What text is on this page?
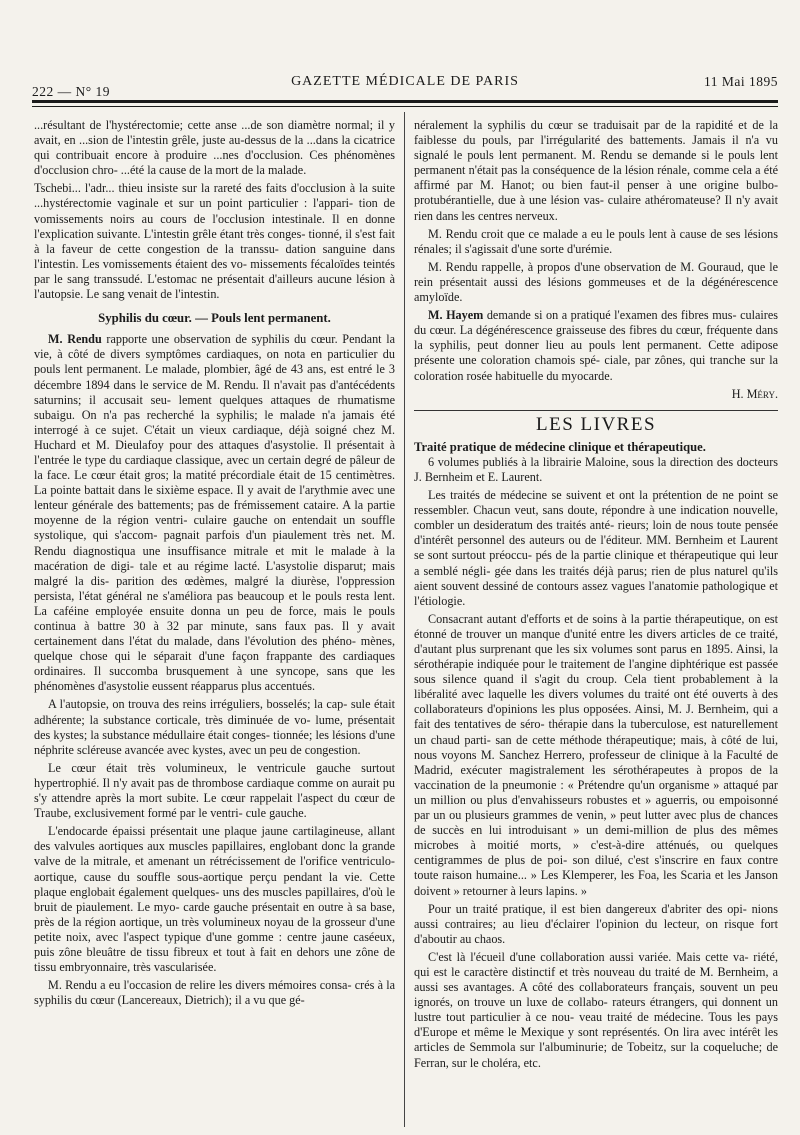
222 — N° 19
GAZETTE MÉDICALE DE PARIS	11 Mai 1895

...résultant de l'hystérectomie; cette anse ...de son diamètre normal; il y avait, en ...sion de l'intestin grêle, juste au-dessus de la ...dans la cicatrice qui contribuait encore à produire ...nes d'occlusion. Ces phénomènes d'occlusion chro- ...été la cause de la mort de la malade.

Tschebi... l'adr... thieu insiste sur la rareté des faits d'occlusion à la suite ...hystérectomie vaginale et sur un point particulier : l'appari- tion de vomissements noirs au cours de l'occlusion intestinale. Il en donne l'explication suivante. L'intestin grêle étant très conges- tionné, il s'est fait à la faveur de cette congestion de la transsu- dation sanguine dans l'intestin. Les vomissements étaient des vo- missements fécaloïdes teintés par le sang transsudé. L'estomac ne présentait d'ailleurs aucune lésion à l'autopsie. Le sang venait de l'intestin.

Syphilis du cœur. — Pouls lent permanent.

M. Rendu rapporte une observation de syphilis du cœur. Pendant la vie, à côté de divers symptômes cardiaques, on nota en particulier du pouls lent permanent. Le malade, plombier, âgé de 43 ans, est entré le 3 décembre 1894 dans le service de M. Rendu. Il n'avait pas d'antécédents saturnins; il accusait seu- lement quelques attaques de rhumatisme subaigu. On n'a pas recherché la syphilis; le malade n'a jamais été interrogé à ce sujet. C'était un vieux cardiaque, déjà soigné chez M. Huchard et M. Dieulafoy pour des attaques d'asystolie. Il présentait à l'entrée le type du cardiaque classique, avec un certain degré de pâleur de la face. Le cœur était gros; la matité précordiale était de 15 centimètres. La pointe battait dans le sixième espace. Il y avait de l'arythmie avec une lenteur générale des battements; pas de frémissement cataire. A la partie moyenne de la région ventri- culaire gauche on entendait un souffle systolique, qui s'accom- pagnait parfois d'un piaulement très net. M. Rendu diagnostiqua une insuffisance mitrale et mit le malade à la macération de digi- tale et au régime lacté. L'asystolie disparut; mais malgré la dis- parition des œdèmes, malgré la diurèse, l'oppression persista, l'état général ne s'améliora pas beaucoup et le pouls resta lent. La caféine employée ensuite donna un peu de force, mais le pouls continua à battre 30 à 32 par minute, sans faux pas. Il y avait certainement dans l'état du malade, dans l'évolution des phéno- mènes, quelque chose qui le séparait d'une façon frappante des cardiaques ordinaires. Il succomba brusquement à une syncope, sans que les phénomènes d'asystolie eussent réapparus plus accentués.

A l'autopsie, on trouva des reins irréguliers, bosselés; la cap- sule était adhérente; la substance corticale, très diminuée de vo- lume, présentait des kystes; la substance médullaire était conges- tionnée; les lésions d'une néphrite scléreuse avancée avec kystes, avec un peu de congestion.

Le cœur était très volumineux, le ventricule gauche surtout hypertrophié. Il n'y avait pas de thrombose cardiaque comme on aurait pu s'y attendre après la mort subite. Le cœur rappelait l'aspect du cœur de Traube, exclusivement formé par le ventri- cule gauche.

L'endocarde épaissi présentait une plaque jaune cartilagineuse, allant des valvules aortiques aux muscles papillaires, englobant donc la grande valve de la mitrale, et amenant un rétrécissement de l'orifice ventriculo-aortique, cause du souffle sous-aortique perçu pendant la vie. Cette plaque englobait également quelques- uns des muscles papillaires, d'où le bruit de piaulement. Le myo- carde gauche présentait en outre à sa base, près de la région aortique, un très volumineux noyau de la grosseur d'une petite noix, avec l'aspect typique d'une gomme : centre jaune caséeux, puis zône bleuâtre de tissu fibreux et tout à fait en dehors une zône de tissu embryonnaire, très vascularisée.

M. Rendu a eu l'occasion de relire les divers mémoires consa- crés à la syphilis du cœur (Lancereaux, Dietrich); il a vu que gé-

néralement la syphilis du cœur se traduisait par de la rapidité et de la faiblesse du pouls, par l'irrégularité des battements. Jamais il n'a vu signalé le pouls lent permanent. M. Rendu se demande si le pouls lent permanent n'était pas la conséquence de la lésion rénale, comme cela a été affirmé par M. Hanot; ou bien faut-il penser à une origine bulbo-protubérantielle, due à une lésion vas- culaire athéromateuse? Il n'y avait rien dans les centres nerveux.

M. Rendu croit que ce malade a eu le pouls lent à cause de ses lésions rénales; il s'agissait d'une sorte d'urémie.

M. Rendu rappelle, à propos d'une observation de M. Gouraud, que le rein présentait aussi des lésions gommeuses et de la dégénérescence amyloïde.

M. Hayem demande si on a pratiqué l'examen des fibres mus- culaires du cœur. La dégénérescence graisseuse des fibres du cœur, fréquente dans la syphilis, peut donner lieu au pouls lent permanent. Cette adipose présente une coloration chamois spé- ciale, par zônes, qui tranche sur la coloration rosée habituelle du myocarde.

H. Méry.
LES LIVRES
Traité pratique de médecine clinique et thérapeutique.

6 volumes publiés à la librairie Maloine, sous la direction des docteurs J. Bernheim et E. Laurent.

Les traités de médecine se suivent et ont la prétention de ne point se ressembler. Chacun veut, sans doute, répondre à une indication nouvelle, combler un desideratum des traités anté- rieurs; loin de nous toute pensée d'intérêt personnel des auteurs ou de l'éditeur. MM. Bernheim et Laurent se sont surtout préoccu- pés de la partie clinique et thérapeutique qui leur a semblé négli- gée dans les traités déjà parus; rien de plus naturel qu'ils aient souvent dessiné de contours assez vagues l'anatomie pathologique et l'étiologie.

Consacrant autant d'efforts et de soins à la partie thérapeutique, on est étonné de trouver un manque d'unité entre les divers articles de ce traité, d'autant plus surprenant que les six volumes sont parus en 1895. Ainsi, la sérothérapie indiquée pour le traitement de l'angine diphtérique est passée sous silence quand il s'agit du croup. Cela tient probablement à la libéralité avec laquelle les divers volumes du traité ont été ouverts à des collaborateurs d'opinions les plus opposées. Ainsi, M. J. Bernheim, qui a fait des tentatives de séro- thérapie dans la tuberculose, est naturellement un chaud parti- san de cette méthode thérapeutique; mais, à côté de lui, nous voyons M. Sanchez Herrero, professeur de clinique à la Faculté de Madrid, exécuter magistralement les sérothérapeutes à propos de la vaccination de la pneumonie : « Prétendre qu'un organisme » attaqué par un million ou plus d'envahisseurs robustes et » aguerris, ou empoisonné par un ou plusieurs grammes de venin, » peut lutter avec plus de chances de succès en lui introduisant » un demi-million de plus des mêmes microbes à moitié morts, » c'est-à-dire atténués, ou quelques centigrammes de plus de poi- son dilué, c'est s'inscrire en faux contre toute raison humaine... » Les Klemperer, les Foa, les Scaria et les Janson doivent » retourner à leurs lapins. »

Pour un traité pratique, il est bien dangereux d'abriter des opi- nions aussi contraires; au lieu d'éclairer l'opinion du lecteur, on risque fort d'aboutir au chaos.

C'est là l'écueil d'une collaboration aussi variée. Mais cette va- riété, qui est le caractère distinctif et très nouveau du traité de M. Bernheim, a aussi ses avantages. A côté des collaborateurs français, souvent un peu ignorés, on trouve un luxe de collabo- rateurs étrangers, qui donnent un lustre tout particulier à ce nou- veau traité de médecine. Tous les pays d'Europe et même le Mexique y sont représentés. On lira avec intérêt les articles de Semmola sur l'albuminurie; de Tobeitz, sur la coqueluche; de Ferran, sur le choléra, etc.
